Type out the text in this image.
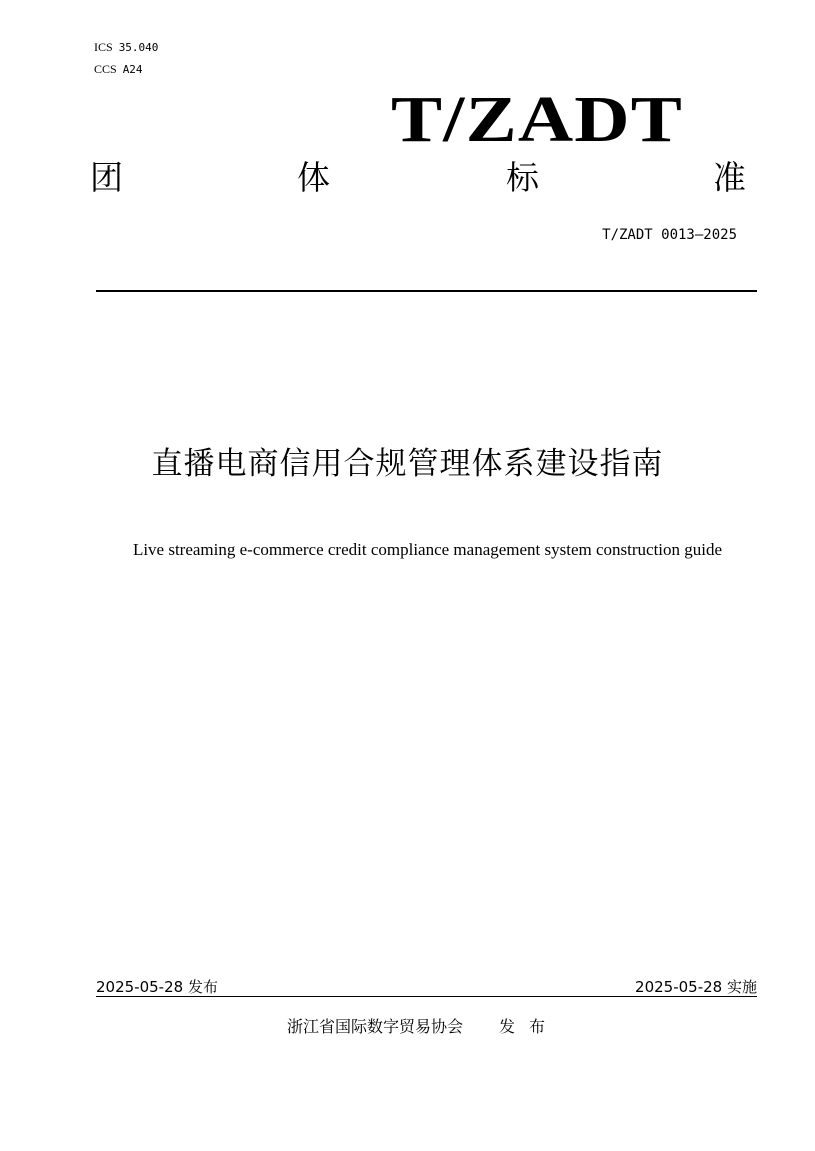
ICS 35.040
CCS A24
T/ZADT
团	体	标	准
T/ZADT 0013—2025
直播电商信用合规管理体系建设指南
Live streaming e-commerce credit compliance management system construction guide
2025-05-28 发布	2025-05-28 实施
浙江省国际数字贸易协会 发布
